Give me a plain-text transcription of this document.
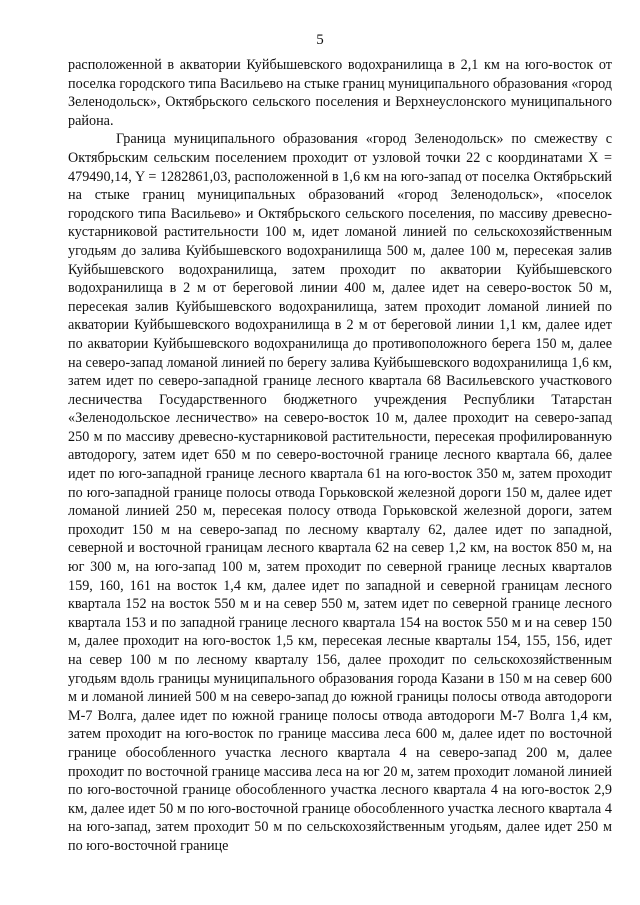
5

расположенной в акватории Куйбышевского водохранилища в 2,1 км на юго-восток от поселка городского типа Васильево на стыке границ муниципального образования «город Зеленодольск», Октябрьского сельского поселения и Верхнеуслонского муниципального района.

Граница муниципального образования «город Зеленодольск» по смежеству с Октябрьским сельским поселением проходит от узловой точки 22 с координатами X = 479490,14, Y = 1282861,03, расположенной в 1,6 км на юго-запад от поселка Октябрьский на стыке границ муниципальных образований «город Зеленодольск», «поселок городского типа Васильево» и Октябрьского сельского поселения, по массиву древесно-кустарниковой растительности 100 м, идет ломаной линией по сельскохозяйственным угодьям до залива Куйбышевского водохранилища 500 м, далее 100 м, пересекая залив Куйбышевского водохранилища, затем проходит по акватории Куйбышевского водохранилища в 2 м от береговой линии 400 м, далее идет на северо-восток 50 м, пересекая залив Куйбышевского водохранилища, затем проходит ломаной линией по акватории Куйбышевского водохранилища в 2 м от береговой линии 1,1 км, далее идет по акватории Куйбышевского водохранилища до противоположного берега 150 м, далее на северо-запад ломаной линией по берегу залива Куйбышевского водохранилища 1,6 км, затем идет по северо-западной границе лесного квартала 68 Васильевского участкового лесничества Государственного бюджетного учреждения Республики Татарстан «Зеленодольское лесничество» на северо-восток 10 м, далее проходит на северо-запад 250 м по массиву древесно-кустарниковой растительности, пересекая профилированную автодорогу, затем идет 650 м по северо-восточной границе лесного квартала 66, далее идет по юго-западной границе лесного квартала 61 на юго-восток 350 м, затем проходит по юго-западной границе полосы отвода Горьковской железной дороги 150 м, далее идет ломаной линией 250 м, пересекая полосу отвода Горьковской железной дороги, затем проходит 150 м на северо-запад по лесному кварталу 62, далее идет по западной, северной и восточной границам лесного квартала 62 на север 1,2 км, на восток 850 м, на юг 300 м, на юго-запад 100 м, затем проходит по северной границе лесных кварталов 159, 160, 161 на восток 1,4 км, далее идет по западной и северной границам лесного квартала 152 на восток 550 м и на север 550 м, затем идет по северной границе лесного квартала 153 и по западной границе лесного квартала 154 на восток 550 м и на север 150 м, далее проходит на юго-восток 1,5 км, пересекая лесные кварталы 154, 155, 156, идет на север 100 м по лесному кварталу 156, далее проходит по сельскохозяйственным угодьям вдоль границы муниципального образования города Казани в 150 м на север 600 м и ломаной линией 500 м на северо-запад до южной границы полосы отвода автодороги М-7 Волга, далее идет по южной границе полосы отвода автодороги М-7 Волга 1,4 км, затем проходит на юго-восток по границе массива леса 600 м, далее идет по восточной границе обособленного участка лесного квартала 4 на северо-запад 200 м, далее проходит по восточной границе массива леса на юг 20 м, затем проходит ломаной линией по юго-восточной границе обособленного участка лесного квартала 4 на юго-восток 2,9 км, далее идет 50 м по юго-восточной границе обособленного участка лесного квартала 4 на юго-запад, затем проходит 50 м по сельскохозяйственным угодьям, далее идет 250 м по юго-восточной границе
